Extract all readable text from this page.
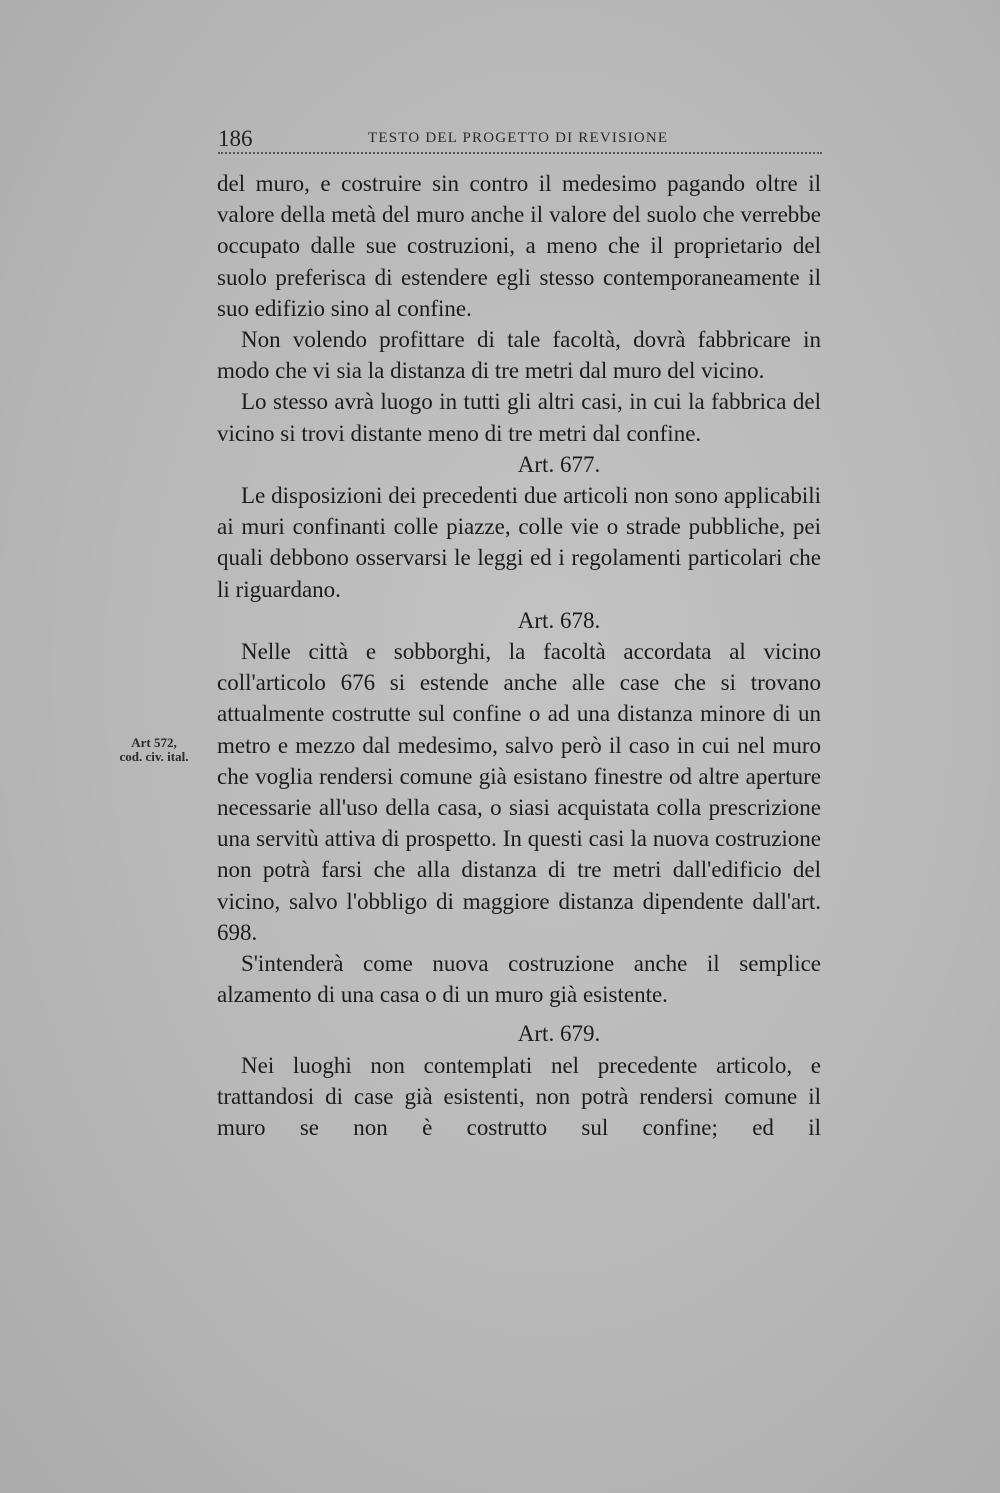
186	TESTO DEL PROGETTO DI REVISIONE
Art 572,
cod. civ. ital.

del muro, e costruire sin contro il medesimo pagando oltre il valore della metà del muro anche il valore del suolo che verrebbe occupato dalle sue costruzioni, a meno che il proprietario del suolo preferisca di estendere egli stesso contemporaneamente il suo edifizio sino al confine.

Non volendo profittare di tale facoltà, dovrà fabbricare in modo che vi sia la distanza di tre metri dal muro del vicino.

Lo stesso avrà luogo in tutti gli altri casi, in cui la fabbrica del vicino si trovi distante meno di tre metri dal confine.

Art. 677.

Le disposizioni dei precedenti due articoli non sono applicabili ai muri confinanti colle piazze, colle vie o strade pubbliche, pei quali debbono osservarsi le leggi ed i regolamenti particolari che li riguardano.

Art. 678.

Nelle città e sobborghi, la facoltà accordata al vicino coll'articolo 676 si estende anche alle case che si trovano attualmente costrutte sul confine o ad una distanza minore di un metro e mezzo dal medesimo, salvo però il caso in cui nel muro che voglia rendersi comune già esistano finestre od altre aperture necessarie all'uso della casa, o siasi acquistata colla prescrizione una servitù attiva di prospetto. In questi casi la nuova costruzione non potrà farsi che alla distanza di tre metri dall'edificio del vicino, salvo l'obbligo di maggiore distanza dipendente dall'art. 698.

S'intenderà come nuova costruzione anche il semplice alzamento di una casa o di un muro già esistente.

Art. 679.

Nei luoghi non contemplati nel precedente articolo, e trattandosi di case già esistenti, non potrà rendersi comune il muro se non è costrutto sul confine; ed il
